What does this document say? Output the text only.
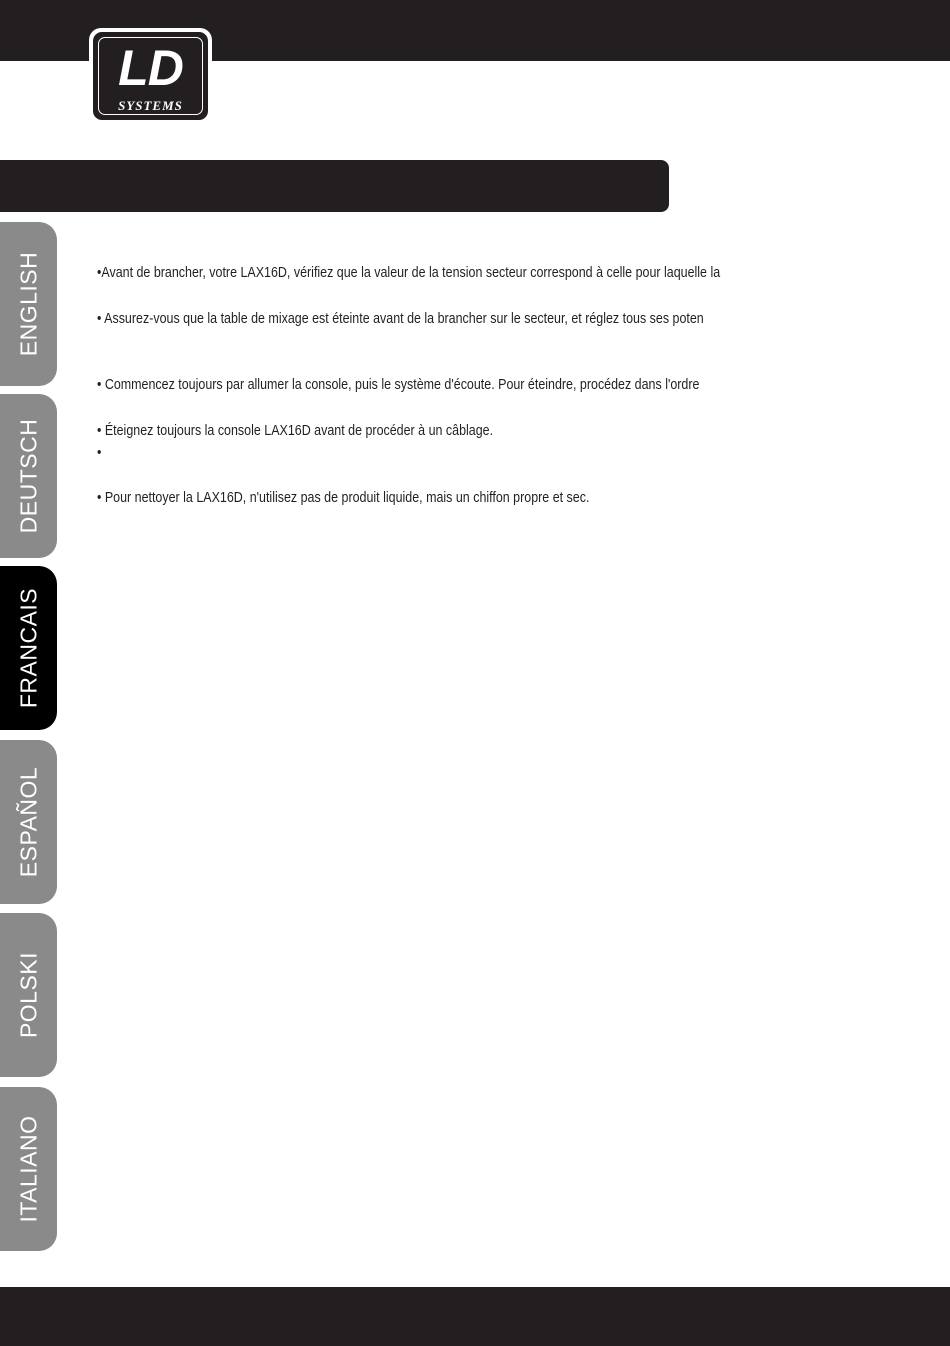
LD
SYSTEMS
ENGLISH
DEUTSCH
FRANCAIS
ESPAÑOL
POLSKI
ITALIANO
•Avant de brancher, votre LAX16D, vérifiez que la valeur de la tension secteur correspond à celle pour laquelle la
• Assurez-vous que la table de mixage est éteinte avant de la brancher sur le secteur, et réglez tous ses poten
• Commencez toujours par allumer la console, puis le système d'écoute. Pour éteindre, procédez dans l'ordre
• Éteignez toujours la console LAX16D avant de procéder à un câblage.
•
• Pour nettoyer la LAX16D, n'utilisez pas de produit liquide, mais un chiffon propre et sec.
